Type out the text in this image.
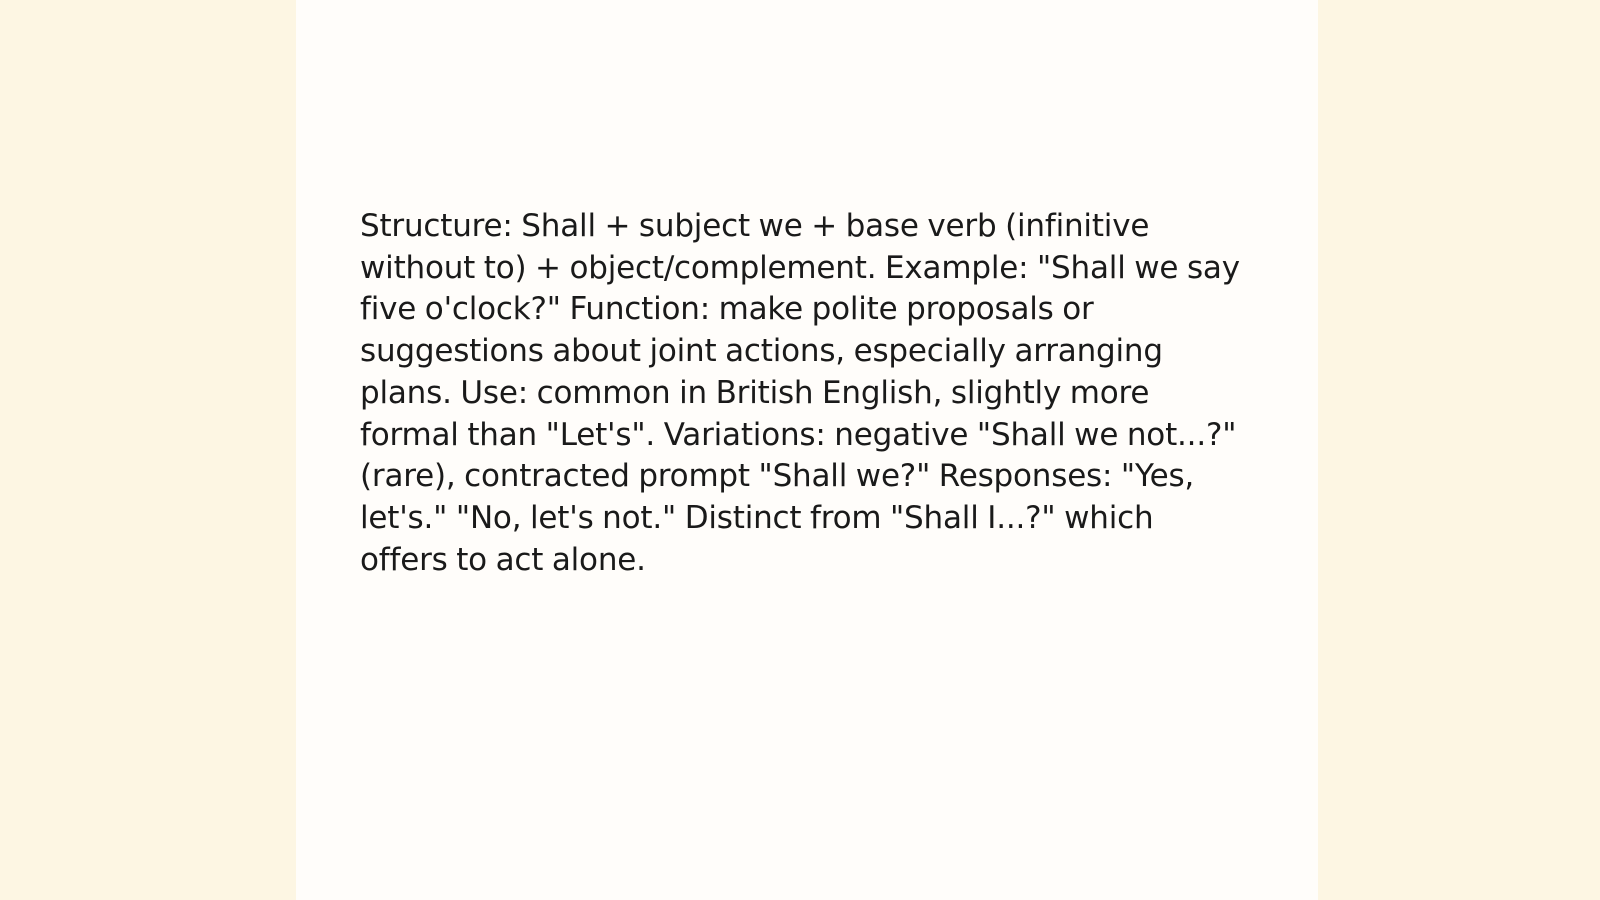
Structure: Shall + subject we + base verb (infinitive without to) + object/complement. Example: "Shall we say five o'clock?" Function: make polite proposals or suggestions about joint actions, especially arranging plans. Use: common in British English, slightly more formal than "Let's". Variations: negative "Shall we not...?" (rare), contracted prompt "Shall we?" Responses: "Yes, let's." "No, let's not." Distinct from "Shall I...?" which offers to act alone.
